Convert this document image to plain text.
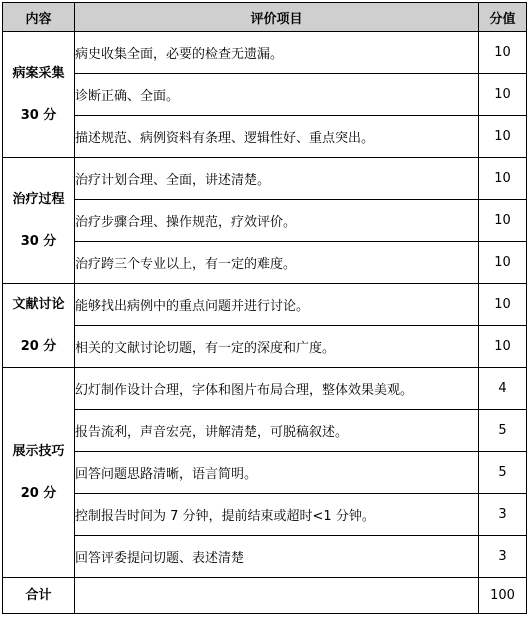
内容	评价项目	分值

病案采集
30 分	病史收集全面，必要的检查无遗漏。	10
	诊断正确、全面。	10
	描述规范、病例资料有条理、逻辑性好、重点突出。	10

治疗过程
30 分	治疗计划合理、全面，讲述清楚。	10
	治疗步骤合理、操作规范，疗效评价。	10
	治疗跨三个专业以上，有一定的难度。	10

文献讨论
20 分	能够找出病例中的重点问题并进行讨论。	10
	相关的文献讨论切题，有一定的深度和广度。	10

展示技巧
20 分	幻灯制作设计合理，字体和图片布局合理，整体效果美观。	4
	报告流利，声音宏亮，讲解清楚，可脱稿叙述。	5
	回答问题思路清晰，语言简明。	5
	控制报告时间为 7 分钟，提前结束或超时<1 分钟。	3
	回答评委提问切题、表述清楚	3
合计		100
